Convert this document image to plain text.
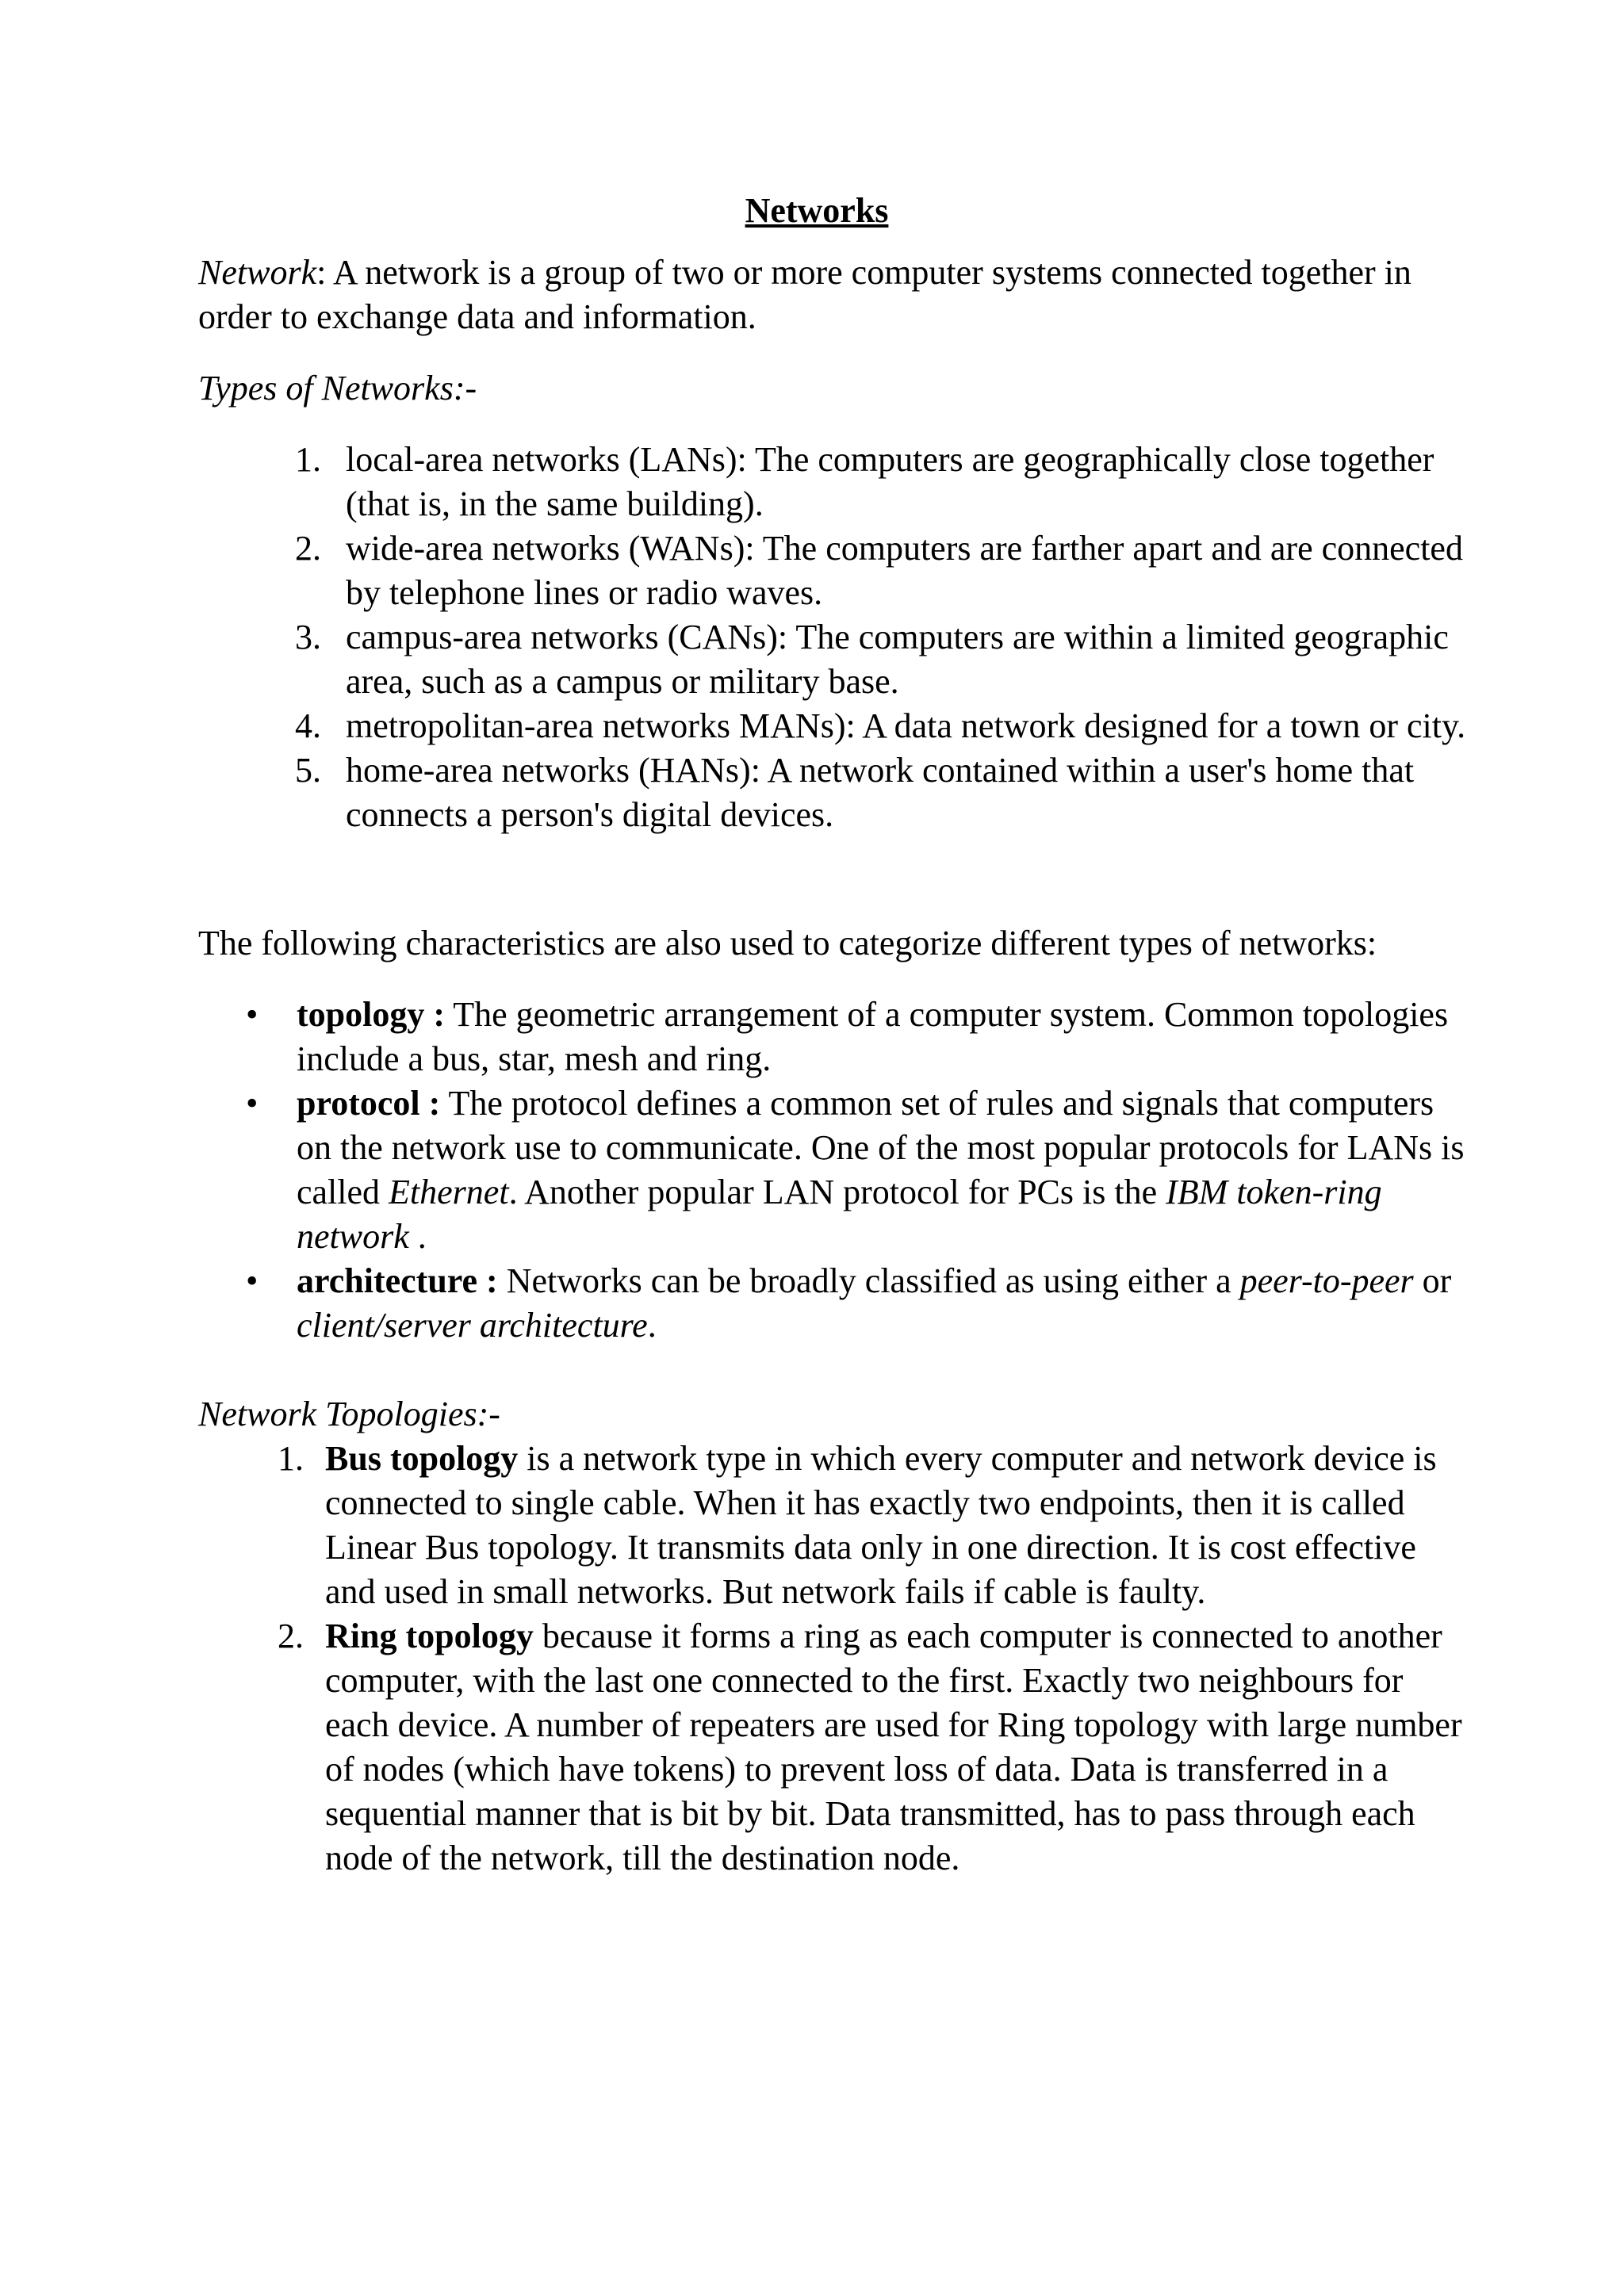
Networks

Network: A network is a group of two or more computer systems connected together in order to exchange data and information.

Types of Networks:-

1. local-area networks (LANs): The computers are geographically close together (that is, in the same building).
2. wide-area networks (WANs): The computers are farther apart and are connected by telephone lines or radio waves.
3. campus-area networks (CANs): The computers are within a limited geographic area, such as a campus or military base.
4. metropolitan-area networks MANs): A data network designed for a town or city.
5. home-area networks (HANs): A network contained within a user's home that connects a person's digital devices.

The following characteristics are also used to categorize different types of networks:

• topology : The geometric arrangement of a computer system. Common topologies include a bus, star, mesh and ring.
• protocol : The protocol defines a common set of rules and signals that computers on the network use to communicate. One of the most popular protocols for LANs is called Ethernet. Another popular LAN protocol for PCs is the IBM token-ring network .
• architecture : Networks can be broadly classified as using either a peer-to-peer or client/server architecture.

Network Topologies:-

1. Bus topology is a network type in which every computer and network device is connected to single cable. When it has exactly two endpoints, then it is called Linear Bus topology. It transmits data only in one direction. It is cost effective and used in small networks. But network fails if cable is faulty.
2. Ring topology because it forms a ring as each computer is connected to another computer, with the last one connected to the first. Exactly two neighbours for each device. A number of repeaters are used for Ring topology with large number of nodes (which have tokens) to prevent loss of data. Data is transferred in a sequential manner that is bit by bit. Data transmitted, has to pass through each node of the network, till the destination node.
